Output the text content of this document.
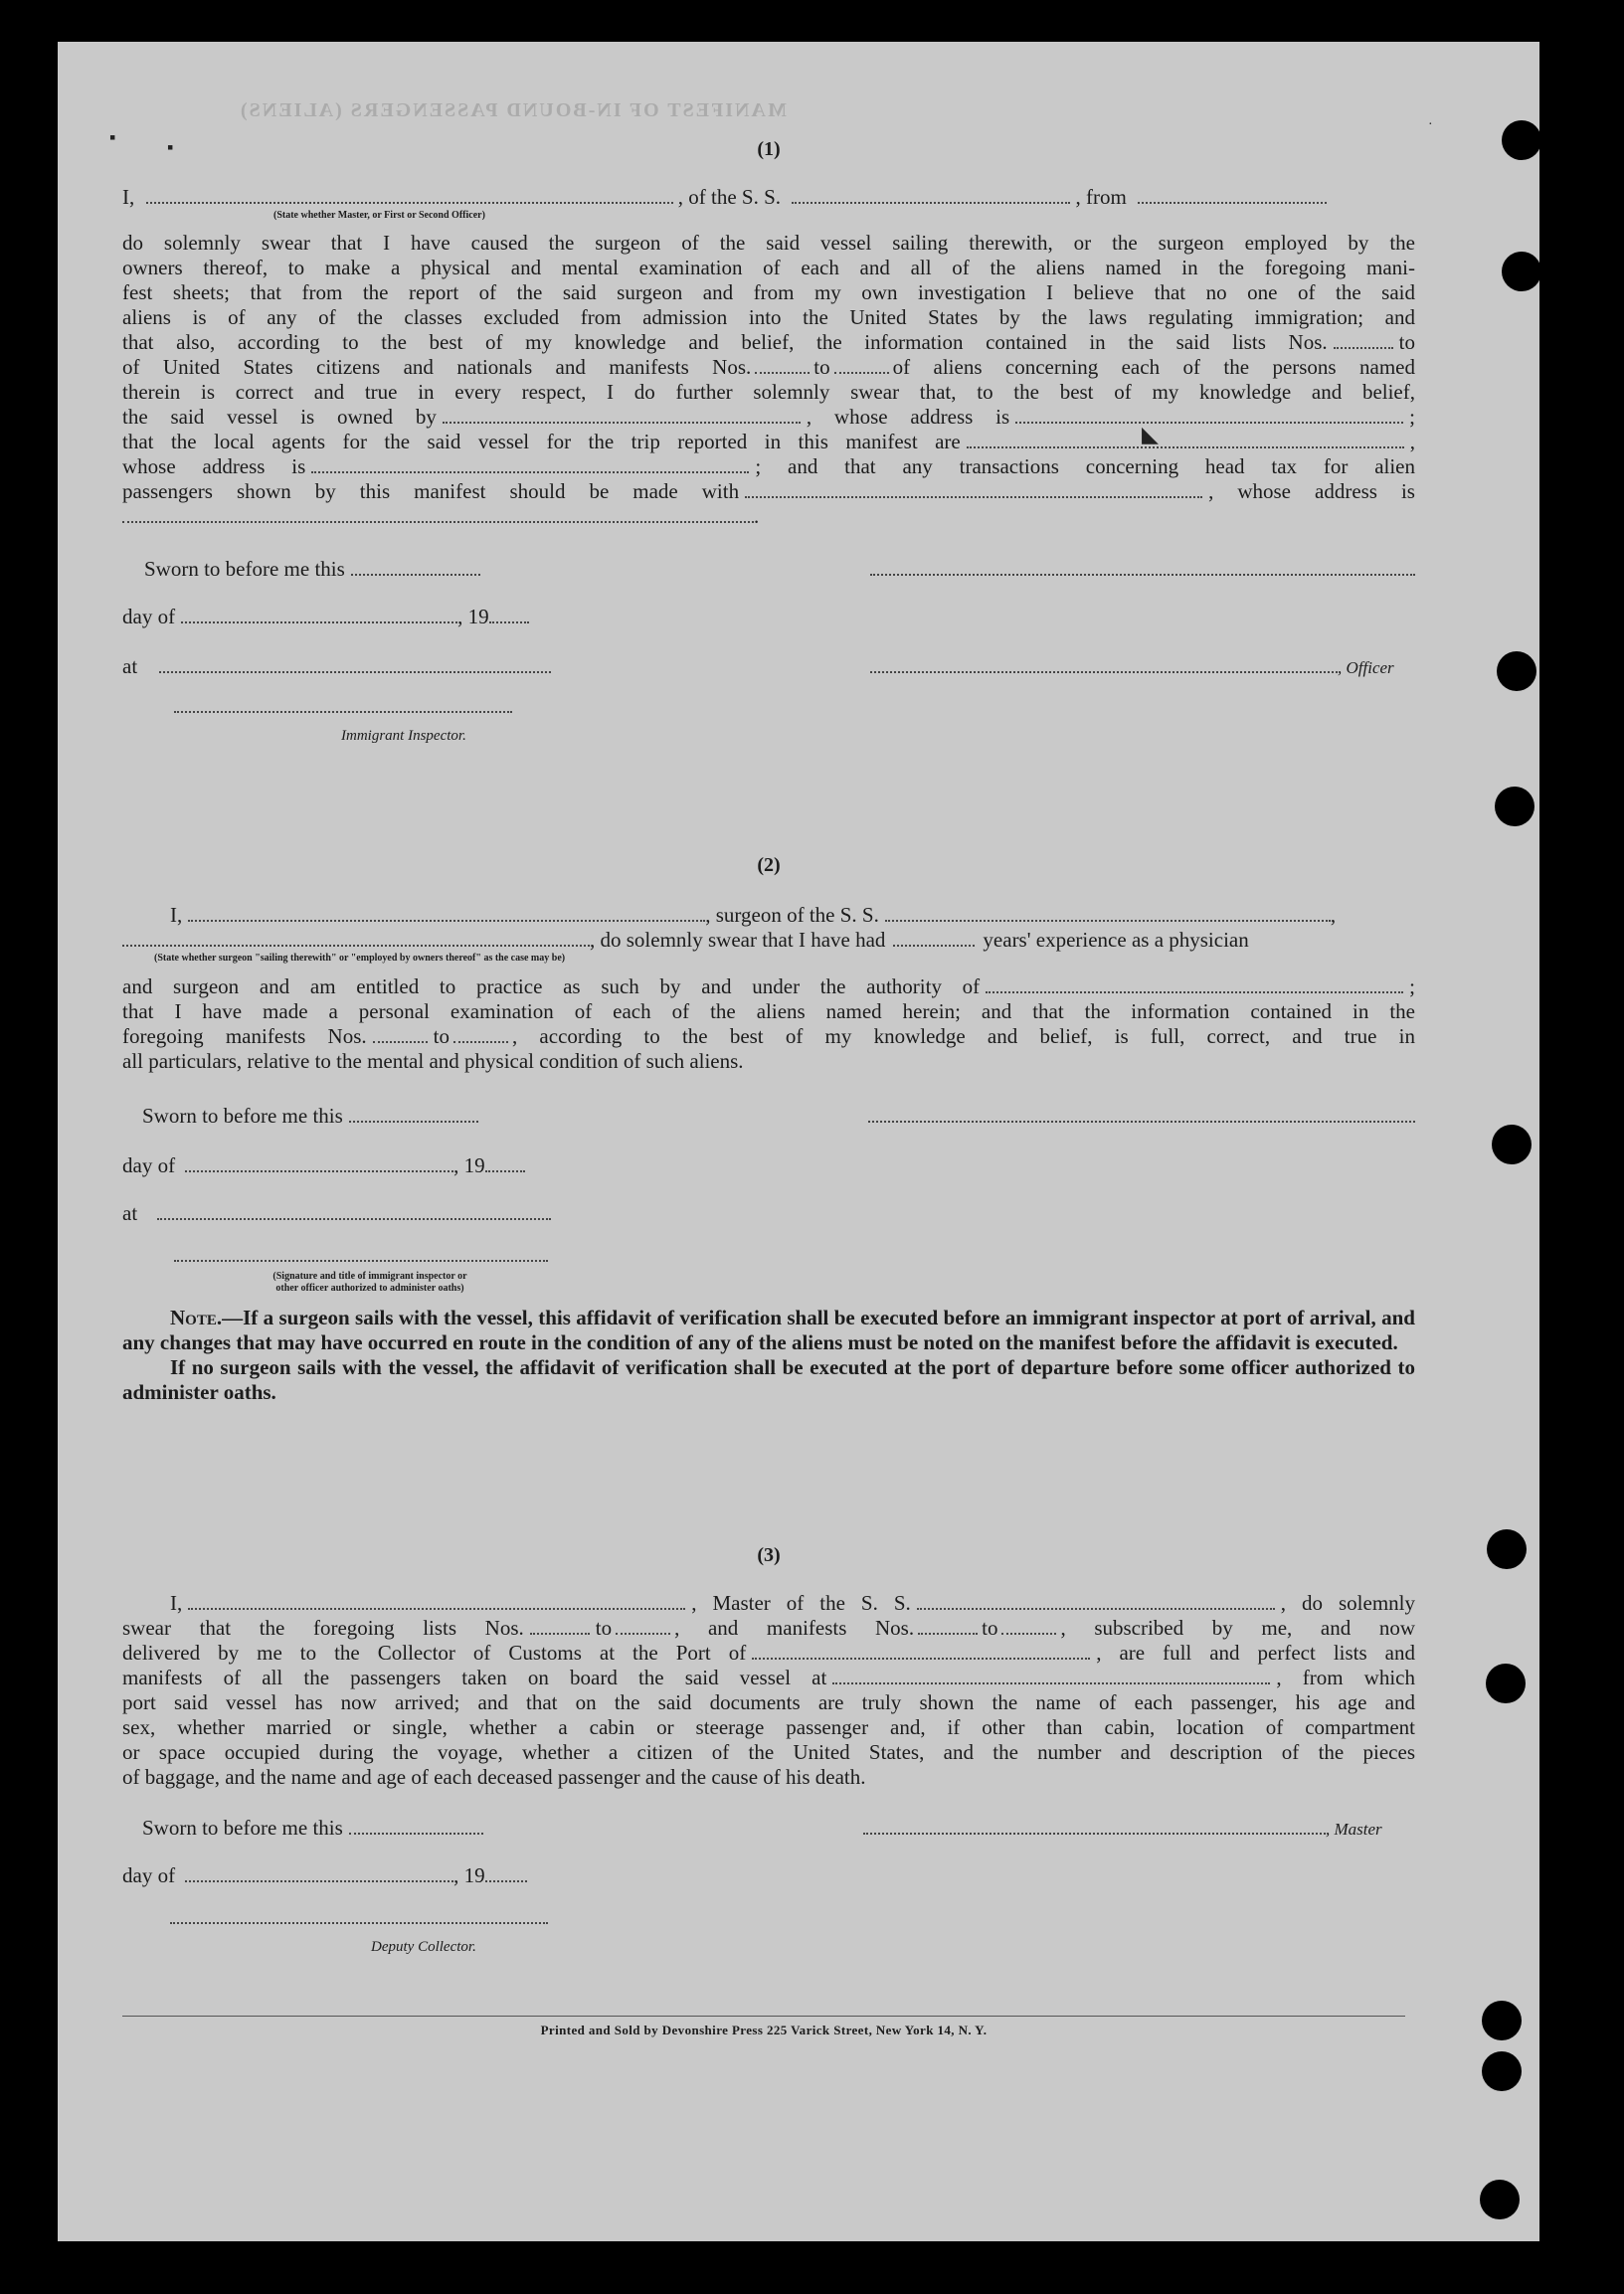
MANIFEST OF IN-BOUND PASSENGERS (ALIENS)
▪	▪
·
◣

(1)

I,	, of the S. S.	, from
(State whether Master, or First or Second Officer)

do solemnly swear that I have caused the surgeon of the said vessel sailing therewith, or the surgeon employed by the

owners thereof, to make a physical and mental examination of each and all of the aliens named in the foregoing mani-

fest sheets; that from the report of the said surgeon and from my own investigation I believe that no one of the said

aliens is of any of the classes excluded from admission into the United States by the laws regulating immigration; and

that also, according to the best of my knowledge and belief, the information contained in the said lists Nos.	to

of United States citizens and nationals and manifests Nos.	to	of aliens concerning each of the persons named

therein is correct and true in every respect, I do further solemnly swear that, to the best of my knowledge and belief,

the said vessel is owned by	, whose address is	;

that the local agents for the said vessel for the trip reported in this manifest are	,

whose address is	; and that any transactions concerning head tax for alien

passengers shown by this manifest should be made with	, whose address is

.

Sworn to before me this
day of	, 19
at	, Officer
Immigrant Inspector.

(2)

I,	, surgeon of the S. S.	,
, do solemnly swear that I have had	years' experience as a physician
(State whether surgeon "sailing therewith" or "employed by owners thereof" as the case may be)

and surgeon and am entitled to practice as such by and under the authority of	;

that I have made a personal examination of each of the aliens named herein; and that the information contained in the

foregoing manifests Nos.	to	, according to the best of my knowledge and belief, is full, correct, and true in

all particulars, relative to the mental and physical condition of such aliens.

Sworn to before me this
day of	, 19
at
(Signature and title of immigrant inspector or
other officer authorized to administer oaths)

Note.—If a surgeon sails with the vessel, this affidavit of verification shall be executed before an immigrant inspector at port of arrival, and any changes that may have occurred en route in the condition of any of the aliens must be noted on the manifest before the affidavit is executed.

If no surgeon sails with the vessel, the affidavit of verification shall be executed at the port of departure before some officer authorized to administer oaths.

(3)

I,	, Master of the S. S.	, do solemnly

swear that the foregoing lists Nos.	to	, and manifests Nos.	to	, subscribed by me, and now

delivered by me to the Collector of Customs at the Port of	, are full and perfect lists and

manifests of all the passengers taken on board the said vessel at	, from which

port said vessel has now arrived; and that on the said documents are truly shown the name of each passenger, his age and

sex, whether married or single, whether a cabin or steerage passenger and, if other than cabin, location of compartment

or space occupied during the voyage, whether a citizen of the United States, and the number and description of the pieces

of baggage, and the name and age of each deceased passenger and the cause of his death.

Sworn to before me this	, Master
day of	, 19
Deputy Collector.
Printed and Sold by Devonshire Press 225 Varick Street, New York 14, N. Y.
